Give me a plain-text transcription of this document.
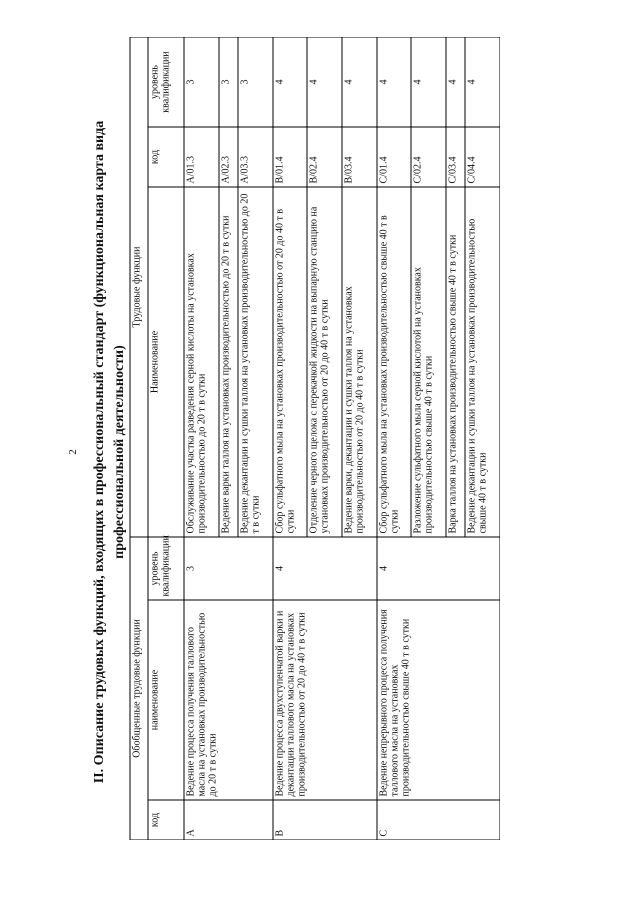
2 II. Описание трудовых функций, входящих в профессиональный стандарт (функциональная карта вида профессиональной деятельности)
Обобщенные трудовые функции			Трудовые функции		
код	наименование	уровень квалификации	Наименование	код	уровень квалификации
A	Ведение процесса получения таллового масла на установках производительностью до 20 т в сутки	3	Обслуживание участка разведения серной кислоты на установках производительностью до 20 т в сутки	A/01.3	3
			Ведение варки таллоя на установках производительностью до 20 т в сутки	A/02.3	3
			Ведение декантации и сушки таллоя на установках производительностью до 20 т в сутки	A/03.3	3
B	Ведение процесса двухступенчатой варки и декантации таллового масла на установках производительностью от 20 до 40 т в сутки	4	Сбор сульфатного мыла на установках производительностью от 20 до 40 т в сутки	B/01.4	4
			Отделение черного щелока с перекачкой жидкости на выпарную станцию на установках производительностью от 20 до 40 т в сутки	B/02.4	4
			Ведение варки, декантации и сушки таллоя на установках производительностью от 20 до 40 т в сутки	B/03.4	4
C	Ведение непрерывного процесса получения таллового масла на установках производительностью свыше 40 т в сутки	4	Сбор сульфатного мыла на установках производительностью свыше 40 т в сутки	C/01.4	4
			Разложение сульфатного мыла серной кислотой на установках производительностью свыше 40 т в сутки	C/02.4	4
			Варка таллоя на установках производительностью свыше 40 т в сутки	C/03.4	4
			Ведение декантации и сушки таллоя на установках производительностью свыше 40 т в сутки	C/04.4	4
